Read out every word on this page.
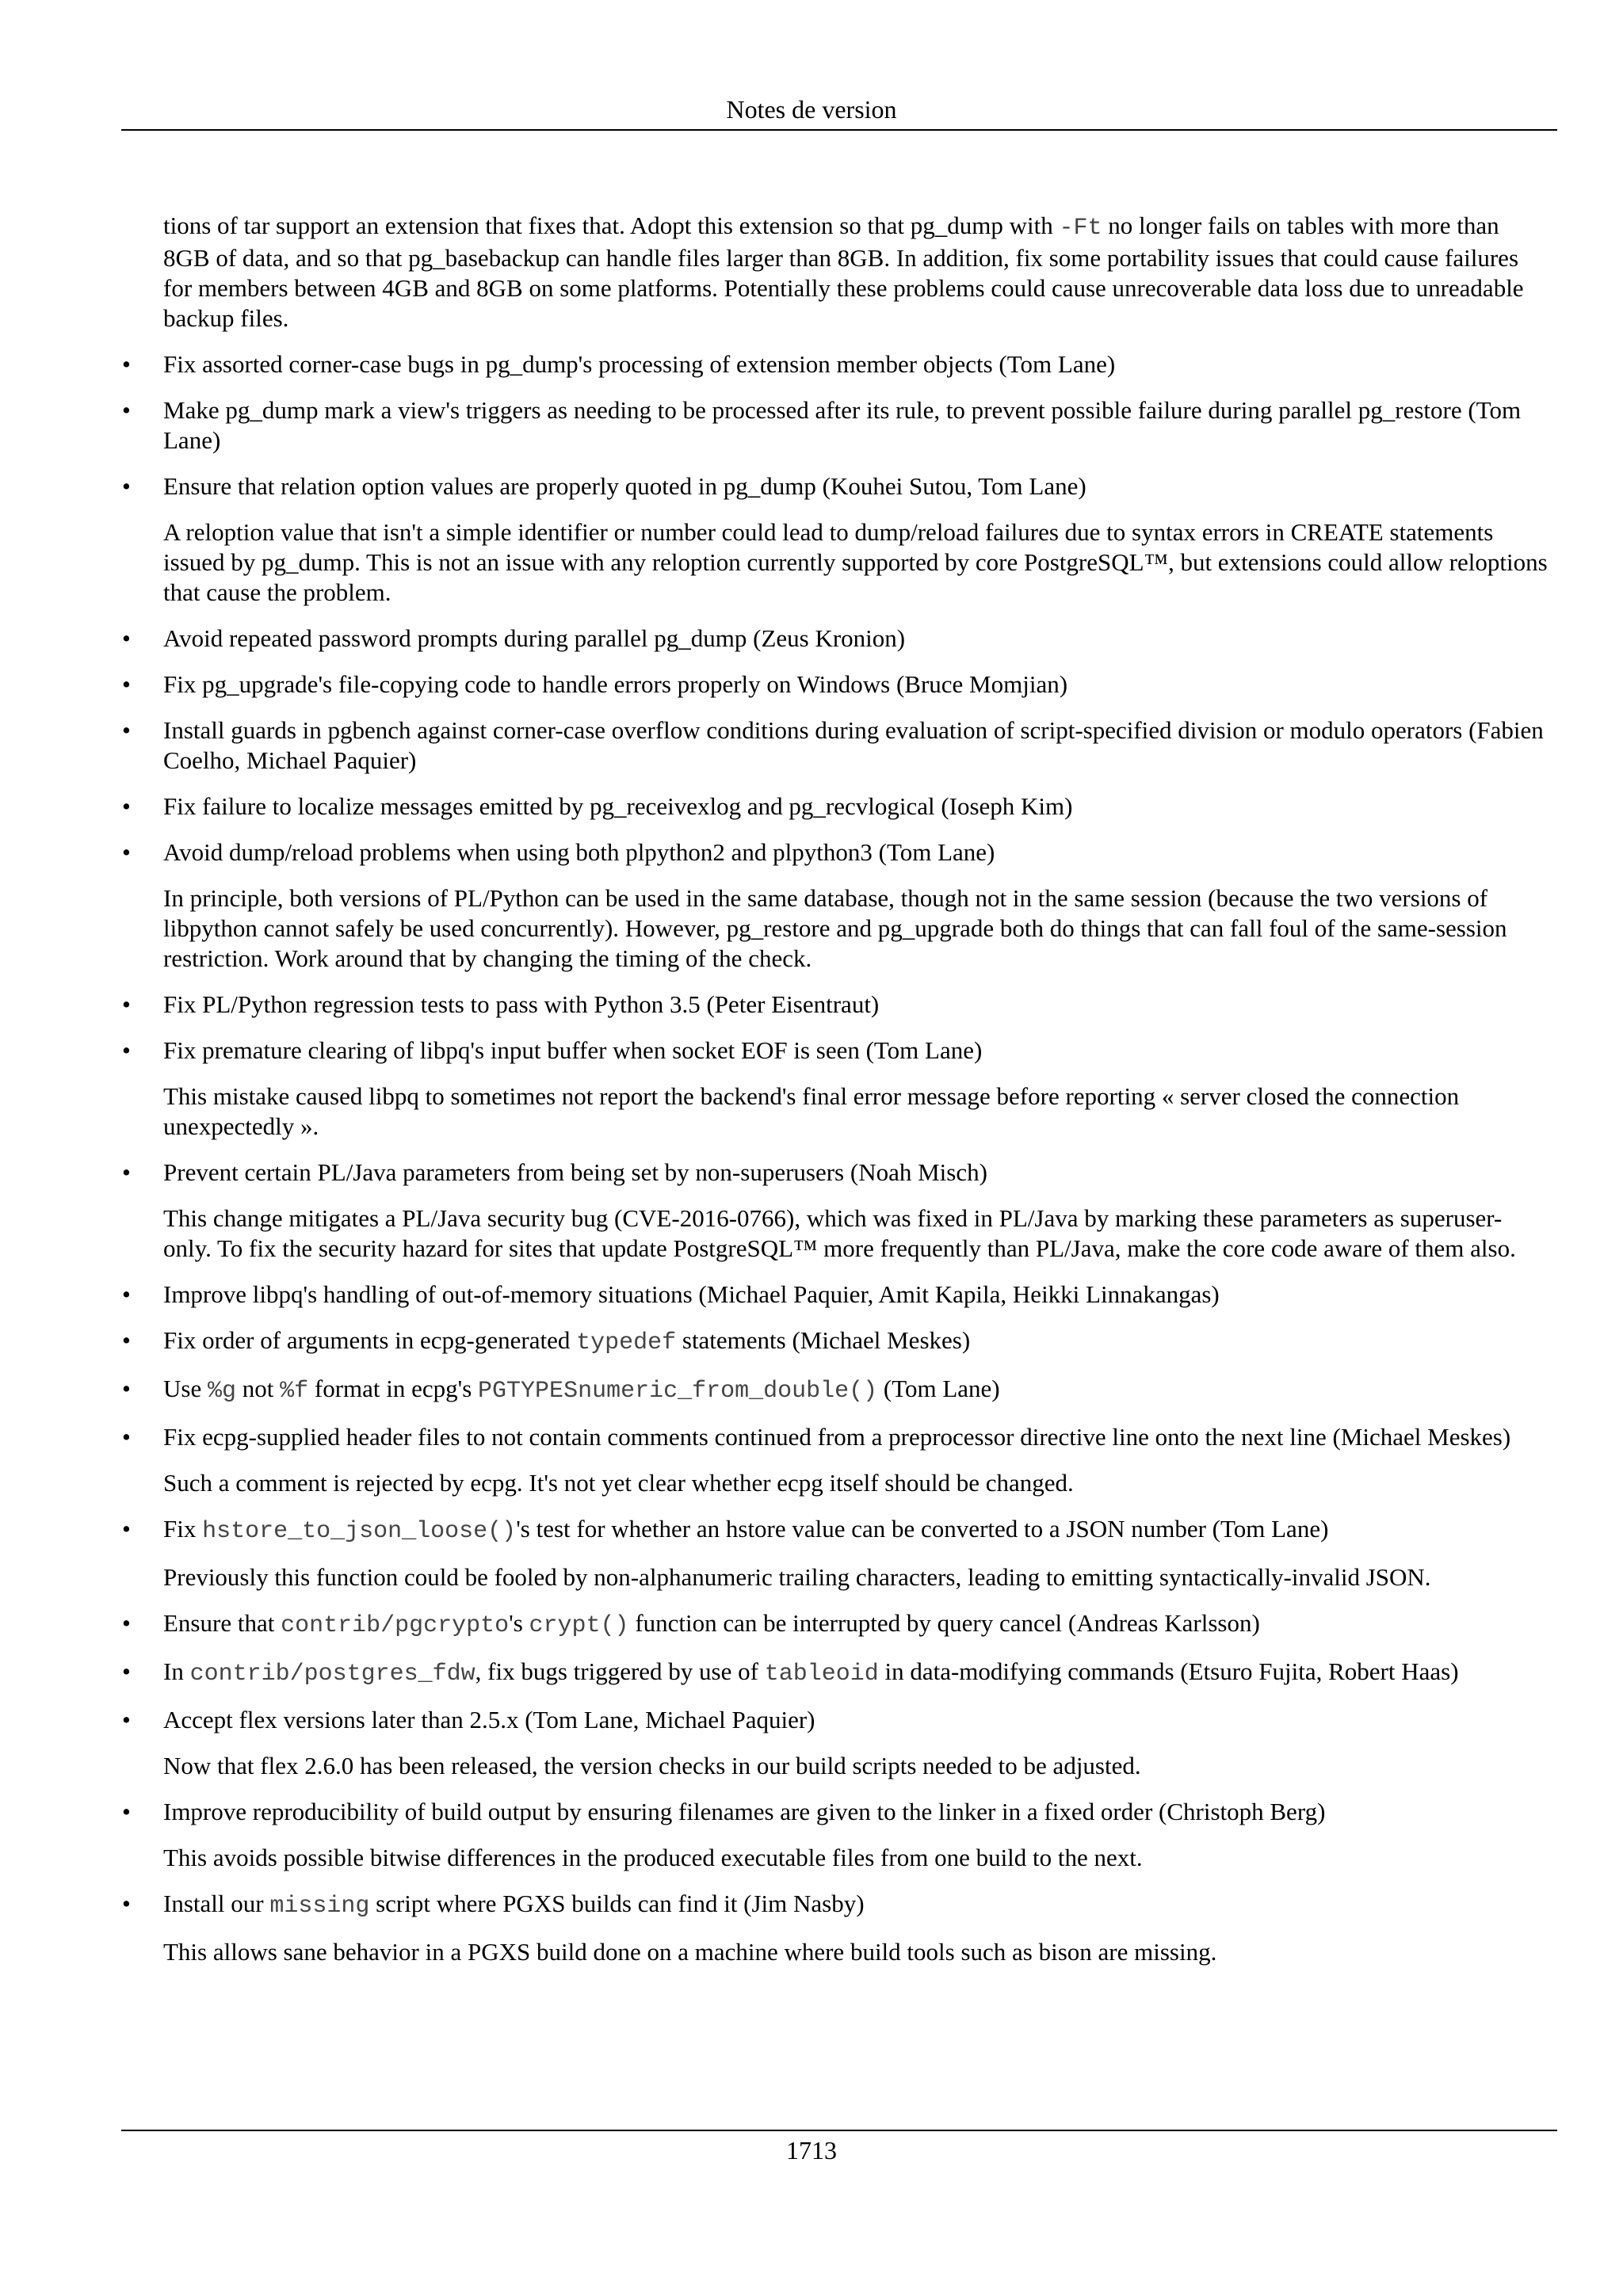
Notes de version

tions of tar support an extension that fixes that. Adopt this extension so that pg_dump with -Ft no longer fails on tables with more than 8GB of data, and so that pg_basebackup can handle files larger than 8GB. In addition, fix some portability issues that could cause failures for members between 4GB and 8GB on some platforms. Potentially these problems could cause unrecoverable data loss due to unreadable backup files.

• Fix assorted corner-case bugs in pg_dump's processing of extension member objects (Tom Lane)

• Make pg_dump mark a view's triggers as needing to be processed after its rule, to prevent possible failure during parallel pg_restore (Tom Lane)

• Ensure that relation option values are properly quoted in pg_dump (Kouhei Sutou, Tom Lane)

A reloption value that isn't a simple identifier or number could lead to dump/reload failures due to syntax errors in CREATE statements issued by pg_dump. This is not an issue with any reloption currently supported by core PostgreSQL™, but extensions could allow reloptions that cause the problem.

• Avoid repeated password prompts during parallel pg_dump (Zeus Kronion)

• Fix pg_upgrade's file-copying code to handle errors properly on Windows (Bruce Momjian)

• Install guards in pgbench against corner-case overflow conditions during evaluation of script-specified division or modulo operators (Fabien Coelho, Michael Paquier)

• Fix failure to localize messages emitted by pg_receivexlog and pg_recvlogical (Ioseph Kim)

• Avoid dump/reload problems when using both plpython2 and plpython3 (Tom Lane)

In principle, both versions of PL/Python can be used in the same database, though not in the same session (because the two versions of libpython cannot safely be used concurrently). However, pg_restore and pg_upgrade both do things that can fall foul of the same-session restriction. Work around that by changing the timing of the check.

• Fix PL/Python regression tests to pass with Python 3.5 (Peter Eisentraut)

• Fix premature clearing of libpq's input buffer when socket EOF is seen (Tom Lane)

This mistake caused libpq to sometimes not report the backend's final error message before reporting « server closed the connection unexpectedly ».

• Prevent certain PL/Java parameters from being set by non-superusers (Noah Misch)

This change mitigates a PL/Java security bug (CVE-2016-0766), which was fixed in PL/Java by marking these parameters as superuser-only. To fix the security hazard for sites that update PostgreSQL™ more frequently than PL/Java, make the core code aware of them also.

• Improve libpq's handling of out-of-memory situations (Michael Paquier, Amit Kapila, Heikki Linnakangas)

• Fix order of arguments in ecpg-generated typedef statements (Michael Meskes)

• Use %g not %f format in ecpg's PGTYPESnumeric_from_double() (Tom Lane)

• Fix ecpg-supplied header files to not contain comments continued from a preprocessor directive line onto the next line (Michael Meskes)

Such a comment is rejected by ecpg. It's not yet clear whether ecpg itself should be changed.

• Fix hstore_to_json_loose()'s test for whether an hstore value can be converted to a JSON number (Tom Lane)

Previously this function could be fooled by non-alphanumeric trailing characters, leading to emitting syntactically-invalid JSON.

• Ensure that contrib/pgcrypto's crypt() function can be interrupted by query cancel (Andreas Karlsson)

• In contrib/postgres_fdw, fix bugs triggered by use of tableoid in data-modifying commands (Etsuro Fujita, Robert Haas)

• Accept flex versions later than 2.5.x (Tom Lane, Michael Paquier)

Now that flex 2.6.0 has been released, the version checks in our build scripts needed to be adjusted.

• Improve reproducibility of build output by ensuring filenames are given to the linker in a fixed order (Christoph Berg)

This avoids possible bitwise differences in the produced executable files from one build to the next.

• Install our missing script where PGXS builds can find it (Jim Nasby)

This allows sane behavior in a PGXS build done on a machine where build tools such as bison are missing.

1713
